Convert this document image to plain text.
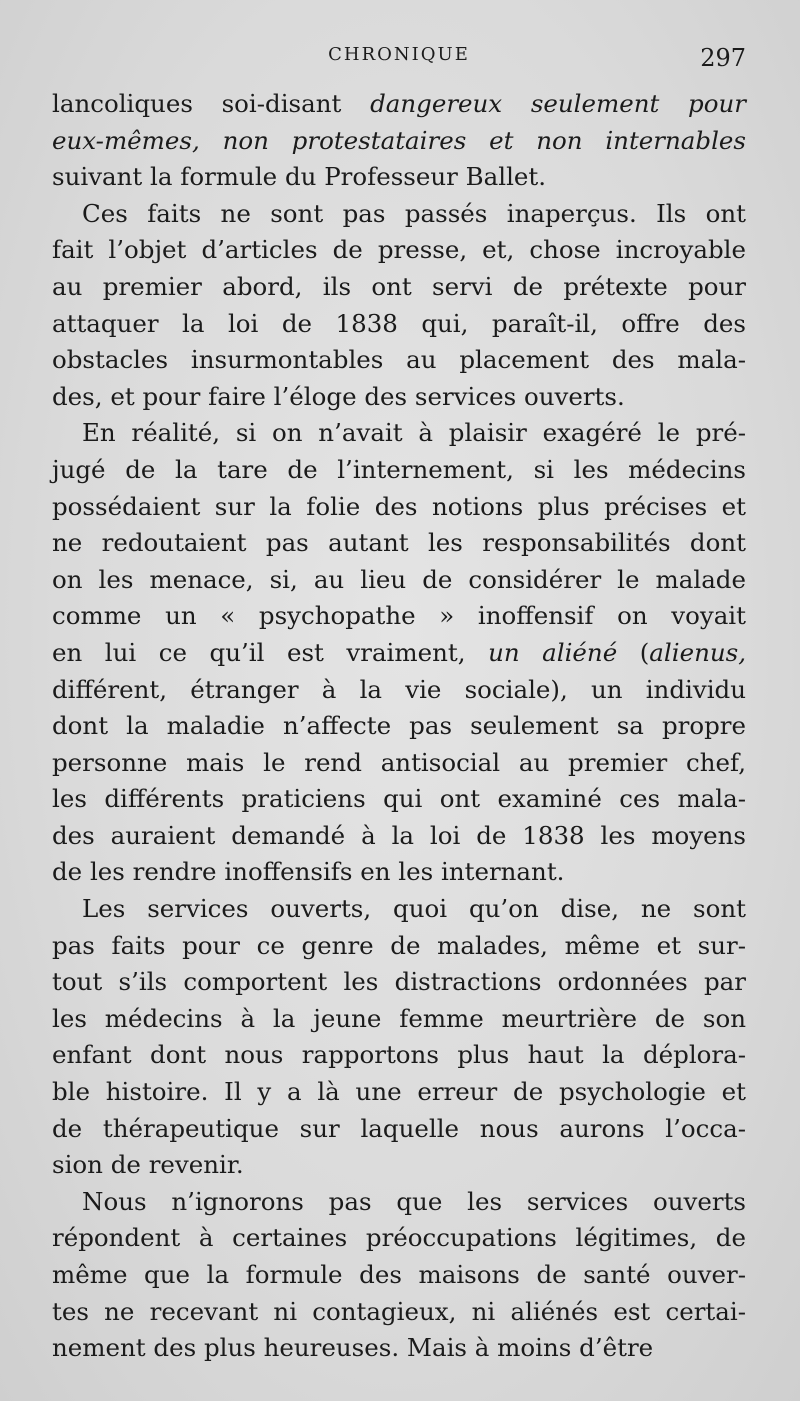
CHRONIQUE	297
lancoliques soi-disant dangereux seulement pour
eux-mêmes, non protestataires et non internables
suivant la formule du Professeur Ballet.
Ces faits ne sont pas passés inaperçus. Ils ont
fait l’objet d’articles de presse, et, chose incroyable
au premier abord, ils ont servi de prétexte pour
attaquer la loi de 1838 qui, paraît-il, offre des
obstacles insurmontables au placement des mala-
des, et pour faire l’éloge des services ouverts.
En réalité, si on n’avait à plaisir exagéré le pré-
jugé de la tare de l’internement, si les médecins
possédaient sur la folie des notions plus précises et
ne redoutaient pas autant les responsabilités dont
on les menace, si, au lieu de considérer le malade
comme un « psychopathe » inoffensif on voyait
en lui ce qu’il est vraiment, un aliéné (alienus,
différent, étranger à la vie sociale), un individu
dont la maladie n’affecte pas seulement sa propre
personne mais le rend antisocial au premier chef,
les différents praticiens qui ont examiné ces mala-
des auraient demandé à la loi de 1838 les moyens
de les rendre inoffensifs en les internant.
Les services ouverts, quoi qu’on dise, ne sont
pas faits pour ce genre de malades, même et sur-
tout s’ils comportent les distractions ordonnées par
les médecins à la jeune femme meurtrière de son
enfant dont nous rapportons plus haut la déplora-
ble histoire. Il y a là une erreur de psychologie et
de thérapeutique sur laquelle nous aurons l’occa-
sion de revenir.
Nous n’ignorons pas que les services ouverts
répondent à certaines préoccupations légitimes, de
même que la formule des maisons de santé ouver-
tes ne recevant ni contagieux, ni aliénés est certai-
nement des plus heureuses. Mais à moins d’être
